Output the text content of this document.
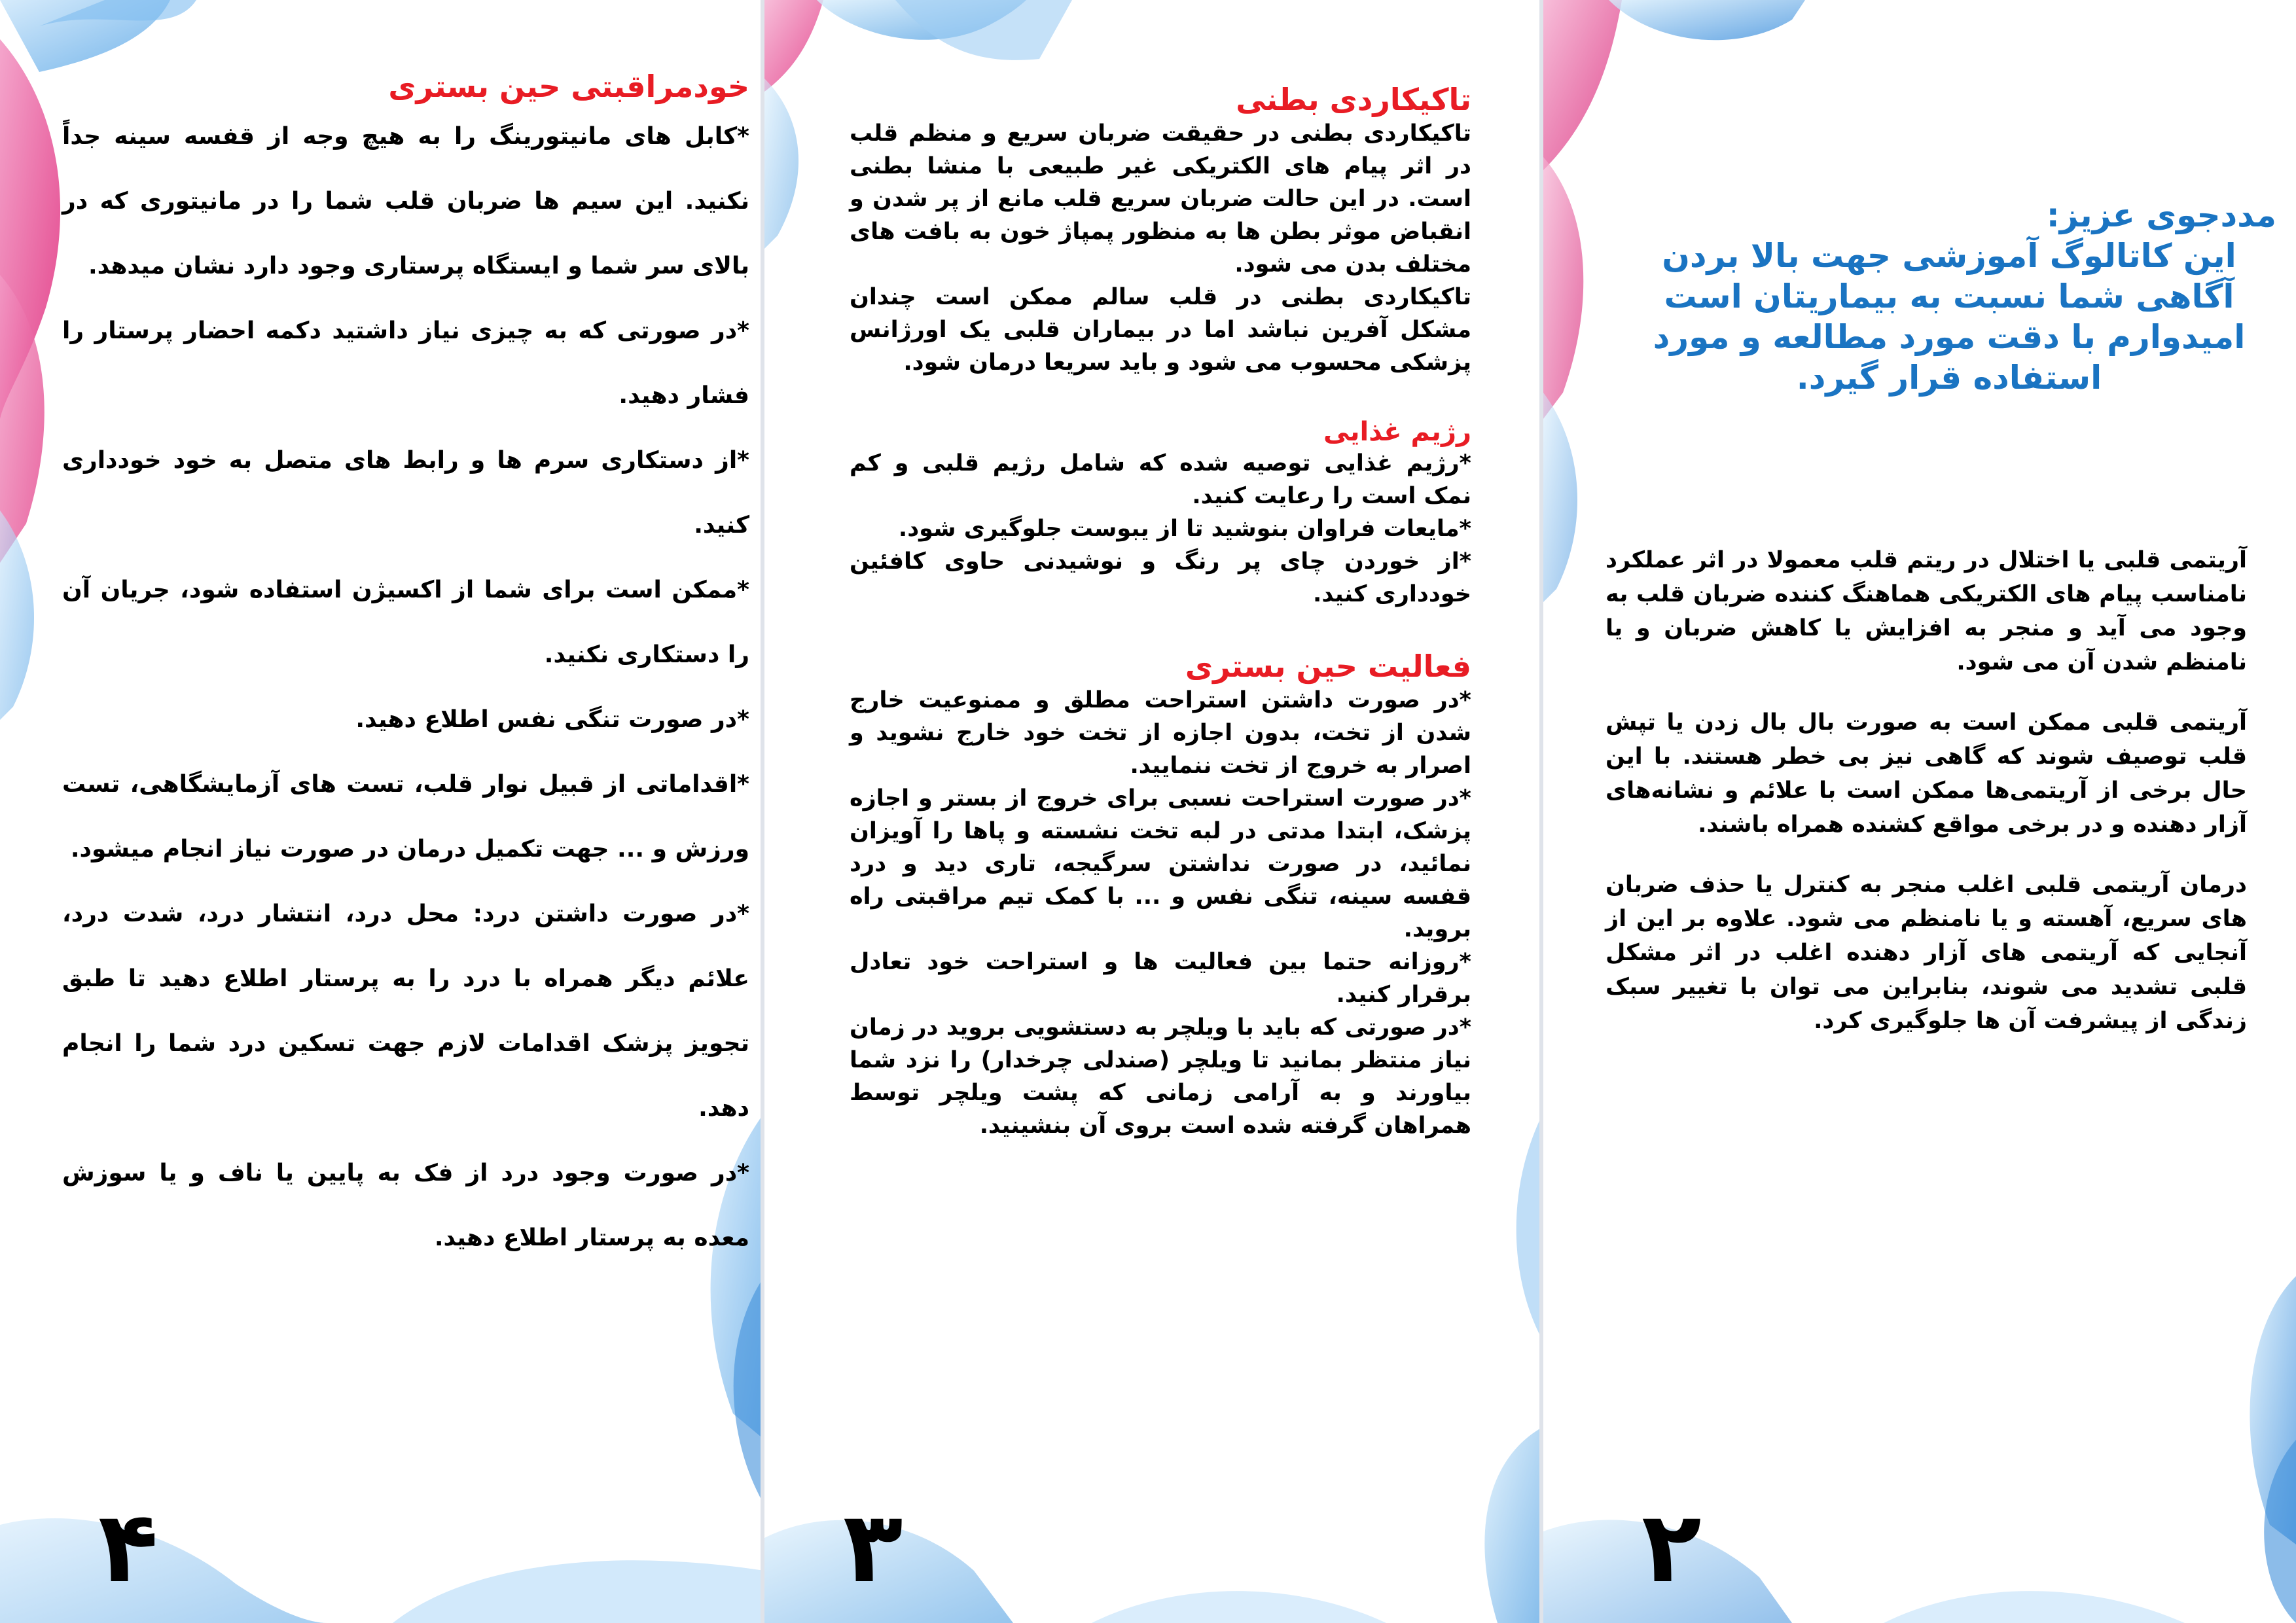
خودمراقبتی حین بستری

*کابل های مانیتورینگ را به هیچ وجه از قفسه سینه جداً نکنید. این سیم ها ضربان قلب شما را در مانیتوری که در بالای سر شما و ایستگاه پرستاری وجود دارد نشان میدهد.

*در صورتی که به چیزی نیاز داشتید دکمه احضار پرستار را فشار دهید.

*از دستکاری سرم ها و رابط های متصل به خود خودداری کنید.

*ممکن است برای شما از اکسیژن استفاده شود، جریان آن را دستکاری نکنید.

*در صورت تنگی نفس اطلاع دهید.

*اقداماتی از قبیل نوار قلب، تست های آزمایشگاهی، تست ورزش و ... جهت تکمیل درمان در صورت نیاز انجام میشود.

*در صورت داشتن درد: محل درد، انتشار درد، شدت درد، علائم دیگر همراه با درد را به پرستار اطلاع دهید تا طبق تجویز پزشک اقدامات لازم جهت تسکین درد شما را انجام دهد.

*در صورت وجود درد از فک به پایین یا ناف و یا سوزش معده به پرستار اطلاع دهید.

۴
تاکیکاردی بطنی

تاکیکاردی بطنی در حقیقت ضربان سریع و منظم قلب در اثر پیام های الکتریکی غیر طبیعی با منشا بطنی است. در این حالت ضربان سریع قلب مانع از پر شدن و انقباض موثر بطن ها به منظور پمپاژ خون به بافت های مختلف بدن می شود.

تاکیکاردی بطنی در قلب سالم ممکن است چندان مشکل آفرین نباشد اما در بیماران قلبی یک اورژانس پزشکی محسوب می شود و باید سریعا درمان شود.

رژیم غذایی

*رژیم غذایی توصیه شده که شامل رژیم قلبی و کم نمک است را رعایت کنید.

*مایعات فراوان بنوشید تا از یبوست جلوگیری شود.

*از خوردن چای پر رنگ و نوشیدنی حاوی کافئین خودداری کنید.

فعالیت حین بستری

*در صورت داشتن استراحت مطلق و ممنوعیت خارج شدن از تخت، بدون اجازه از تخت خود خارج نشوید و اصرار به خروج از تخت ننمایید.

*در صورت استراحت نسبی برای خروج از بستر و اجازه پزشک، ابتدا مدتی در لبه تخت نشسته و پاها را آویزان نمائید، در صورت نداشتن سرگیجه، تاری دید و درد قفسه سینه، تنگی نفس و ... با کمک تیم مراقبتی راه بروید.

*روزانه حتما بین فعالیت ها و استراحت خود تعادل برقرار کنید.

*در صورتی که باید با ویلچر به دستشویی بروید در زمان نیاز منتظر بمانید تا ویلچر (صندلی چرخدار) را نزد شما بیاورند و به آرامی زمانی که پشت ویلچر توسط همراهان گرفته شده است بروی آن بنشینید.

۳
مددجوی عزیز:
این کاتالوگ آموزشی جهت بالا بردن آگاهی شما نسبت به بیماریتان است امیدوارم با دقت مورد مطالعه و مورد استفاده قرار گیرد.

آریتمی قلبی یا اختلال در ریتم قلب معمولا در اثر عملکرد نامناسب پیام های الکتریکی هماهنگ کننده ضربان قلب به وجود می آید و منجر به افزایش یا کاهش ضربان و یا نامنظم شدن آن می شود.

آریتمی قلبی ممکن است به صورت بال بال زدن یا تپش قلب توصیف شوند که گاهی نیز بی خطر هستند. با این حال برخی از آریتمی‌ها ممکن است با علائم و نشانه‌های آزار دهنده و در برخی مواقع کشنده همراه باشند.

درمان آریتمی قلبی اغلب منجر به کنترل یا حذف ضربان های سریع، آهسته و یا نامنظم می شود. علاوه بر این از آنجایی که آریتمی های آزار دهنده اغلب در اثر مشکل قلبی تشدید می شوند، بنابراین می توان با تغییر سبک زندگی از پیشرفت آن ها جلوگیری کرد.

۲
